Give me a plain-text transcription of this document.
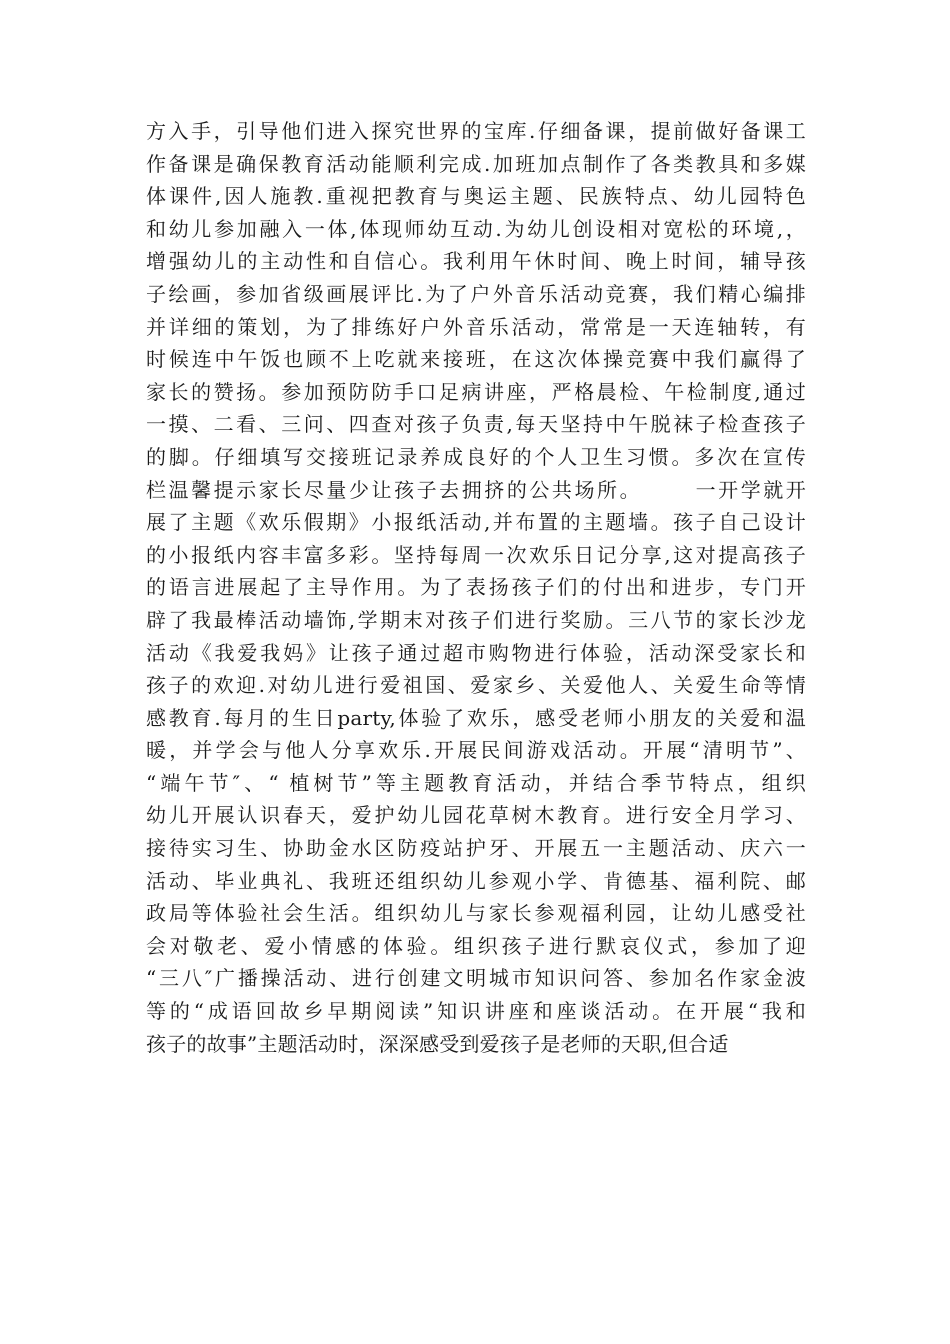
方入手，引导他们进入探究世界的宝库.仔细备课，提前做好备课工
作备课是确保教育活动能顺利完成.加班加点制作了各类教具和多媒
体课件,因人施教.重视把教育与奥运主题、民族特点、幼儿园特色
和幼儿参加融入一体,体现师幼互动.为幼儿创设相对宽松的环境,，
增强幼儿的主动性和自信心。我利用午休时间、晚上时间，辅导孩
子绘画，参加省级画展评比.为了户外音乐活动竞赛，我们精心编排
并详细的策划，为了排练好户外音乐活动，常常是一天连轴转，有
时候连中午饭也顾不上吃就来接班，在这次体操竞赛中我们赢得了
家长的赞扬。参加预防防手口足病讲座，严格晨检、午检制度,通过
一摸、二看、三问、四查对孩子负责,每天坚持中午脱袜子检查孩子
的脚。仔细填写交接班记录养成良好的个人卫生习惯。多次在宣传
栏温馨提示家长尽量少让孩子去拥挤的公共场所。      一开学就开
展了主题《欢乐假期》小报纸活动,并布置的主题墙。孩子自己设计
的小报纸内容丰富多彩。坚持每周一次欢乐日记分享,这对提高孩子
的语言进展起了主导作用。为了表扬孩子们的付出和进步，专门开
辟了我最棒活动墙饰,学期末对孩子们进行奖励。三八节的家长沙龙
活动《我爱我妈》让孩子通过超市购物进行体验，活动深受家长和
孩子的欢迎.对幼儿进行爱祖国、爱家乡、关爱他人、关爱生命等情
感教育.每月的生日party,体验了欢乐，感受老师小朋友的关爱和温
暖，并学会与他人分享欢乐.开展民间游戏活动。开展“清明节”、
“端午节″、“ 植树节”等主题教育活动，并结合季节特点，组织
幼儿开展认识春天，爱护幼儿园花草树木教育。进行安全月学习、
接待实习生、协助金水区防疫站护牙、开展五一主题活动、庆六一
活动、毕业典礼、我班还组织幼儿参观小学、肯德基、福利院、邮
政局等体验社会生活。组织幼儿与家长参观福利园，让幼儿感受社
会对敬老、爱小情感的体验。组织孩子进行默哀仪式，参加了迎
“三八″广播操活动、进行创建文明城市知识问答、参加名作家金波
等的“成语回故乡早期阅读”知识讲座和座谈活动。在开展“我和
孩子的故事”主题活动时，深深感受到爱孩子是老师的天职,但合适
